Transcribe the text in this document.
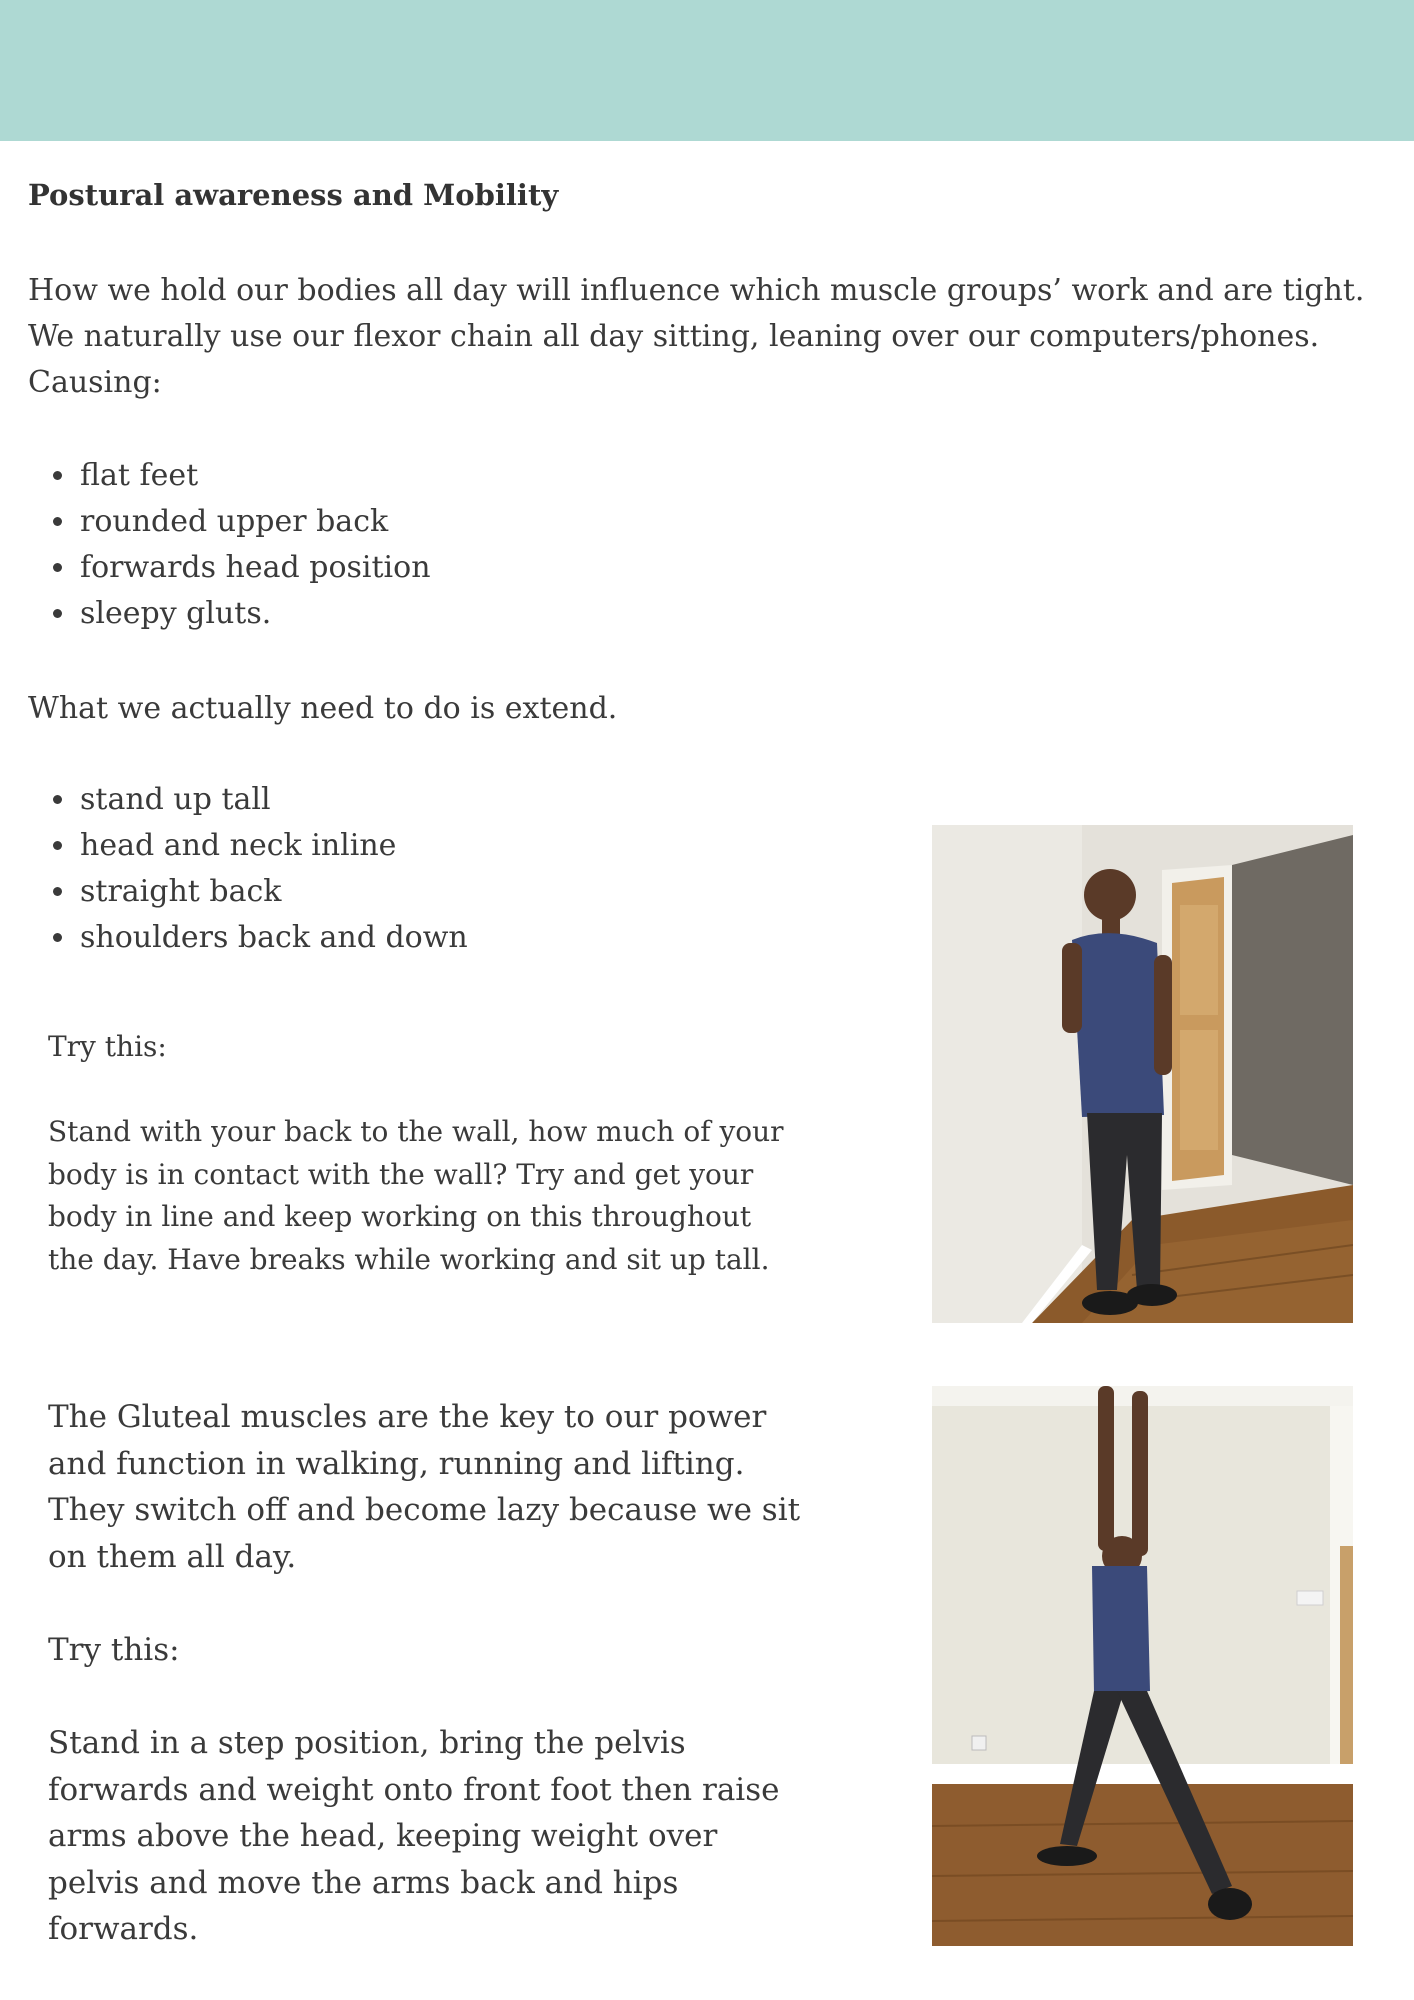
Postural awareness and Mobility

How we hold our bodies all day will influence which muscle groups’ work and are tight. We naturally use our flexor chain all day sitting, leaning over our computers/phones. Causing:

• flat feet
• rounded upper back
• forwards head position
• sleepy gluts.

What we actually need to do is extend.

• stand up tall
• head and neck inline
• straight back
• shoulders back and down

Try this:

Stand with your back to the wall, how much of your body is in contact with the wall? Try and get your body in line and keep working on this throughout the day. Have breaks while working and sit up tall.

The Gluteal muscles are the key to our power and function in walking, running and lifting. They switch off and become lazy because we sit on them all day.

Try this:

Stand in a step position, bring the pelvis forwards and weight onto front foot then raise arms above the head, keeping weight over pelvis and move the arms back and hips forwards.
